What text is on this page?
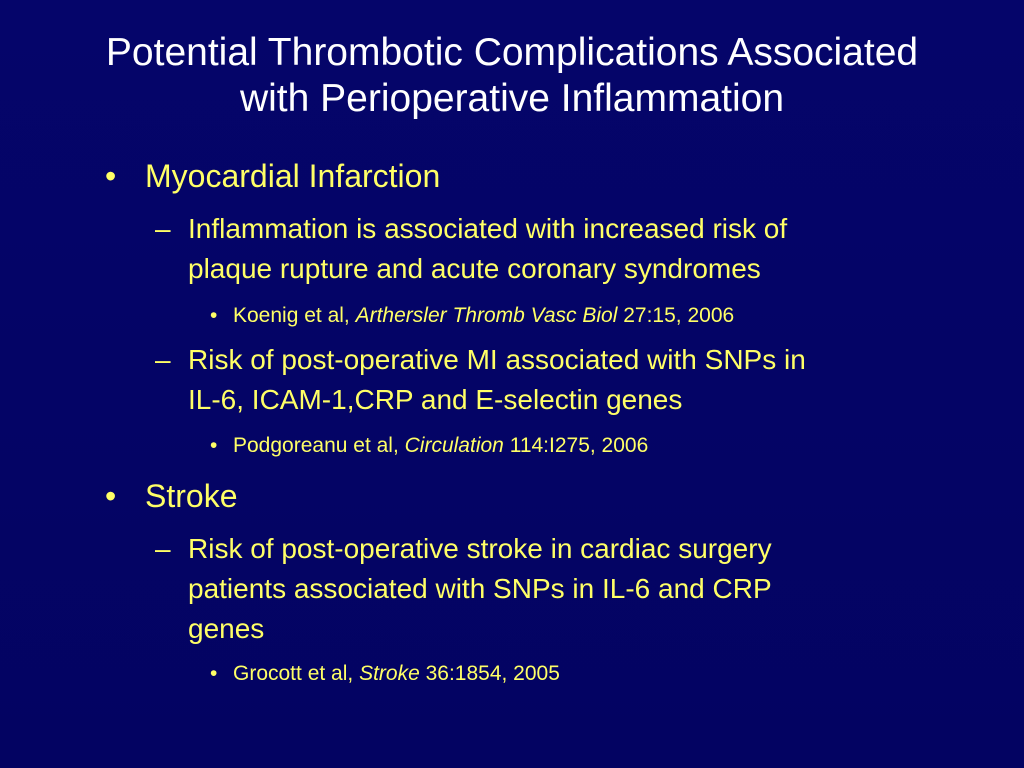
Potential Thrombotic Complications Associated
with Perioperative Inflammation
• Myocardial Infarction

– Inflammation is associated with increased risk of
plaque rupture and acute coronary syndromes

• Koenig et al, Arthersler Thromb Vasc Biol 27:15, 2006

– Risk of post-operative MI associated with SNPs in
IL-6, ICAM-1,CRP and E-selectin genes

• Podgoreanu et al, Circulation 114:I275, 2006

• Stroke

– Risk of post-operative stroke in cardiac surgery
patients associated with SNPs in IL-6 and CRP
genes

• Grocott et al, Stroke 36:1854, 2005
